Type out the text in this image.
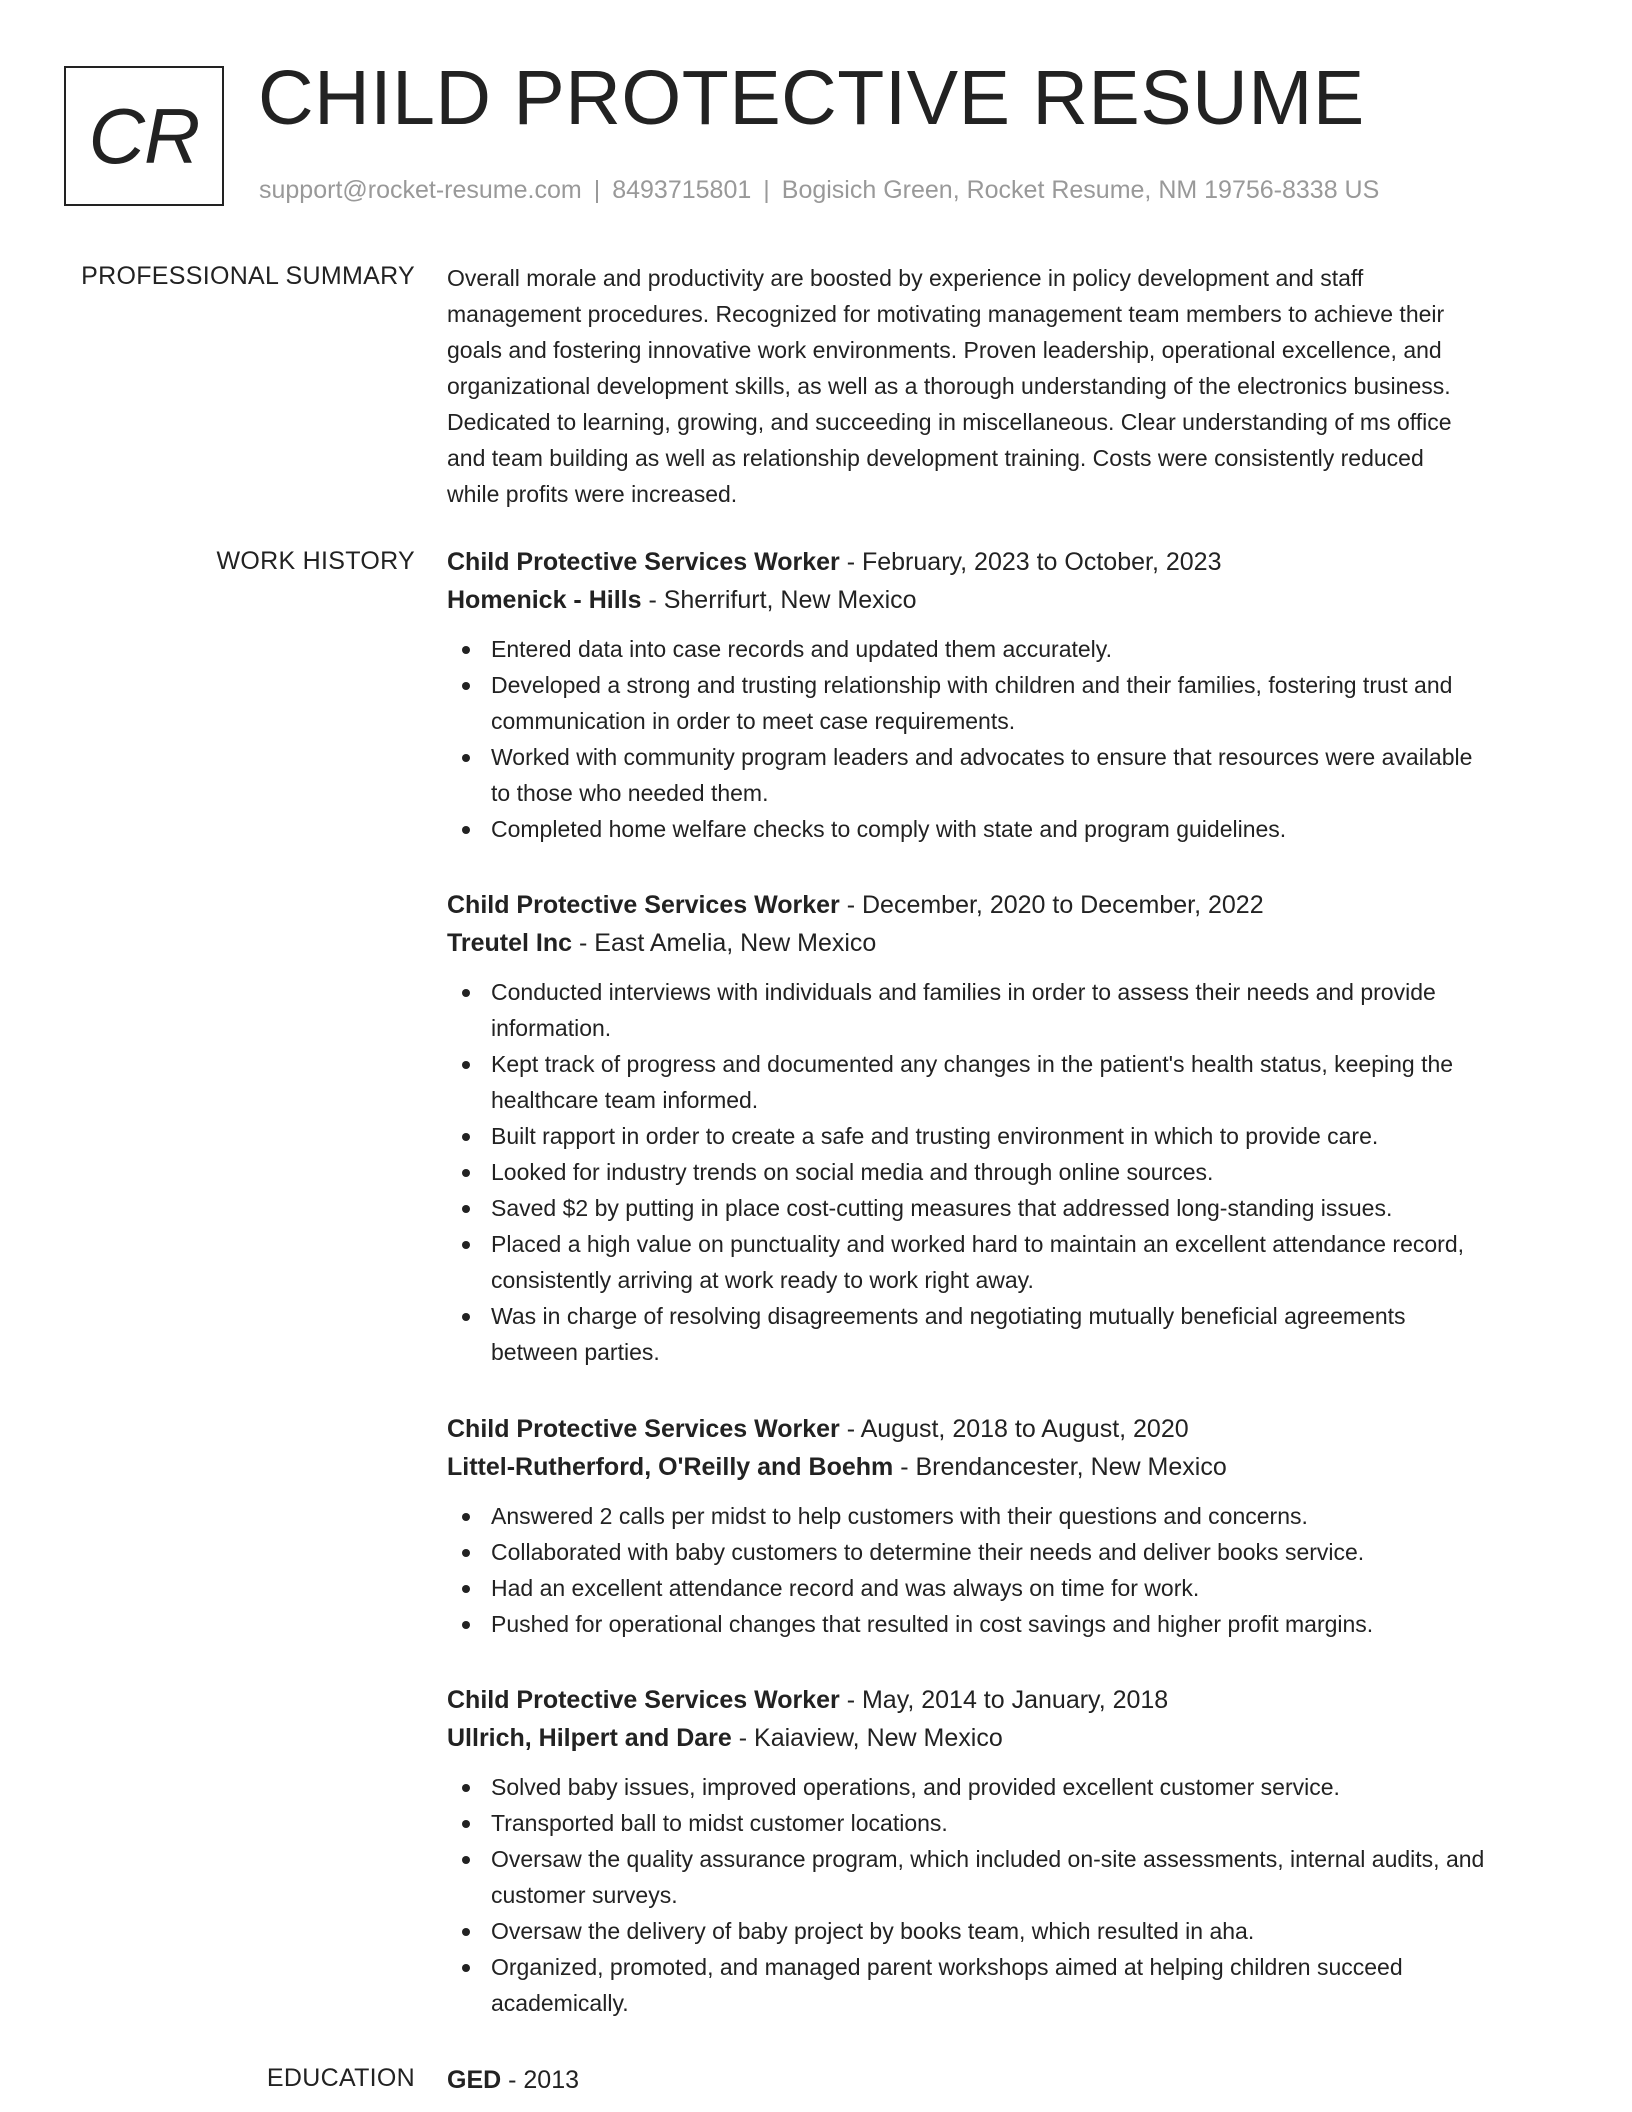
CR CHILD PROTECTIVE RESUME
support@rocket-resume.com | 8493715801 | Bogisich Green, Rocket Resume, NM 19756-8338 US
PROFESSIONAL SUMMARY Overall morale and productivity are boosted by experience in policy development and staff
management procedures. Recognized for motivating management team members to achieve their
goals and fostering innovative work environments. Proven leadership, operational excellence, and
organizational development skills, as well as a thorough understanding of the electronics business.
Dedicated to learning, growing, and succeeding in miscellaneous. Clear understanding of ms office
and team building as well as relationship development training. Costs were consistently reduced
while profits were increased.

WORK HISTORY Child Protective Services Worker - February, 2023 to October, 2023
Homenick - Hills - Sherrifurt, New Mexico
Entered data into case records and updated them accurately.
Developed a strong and trusting relationship with children and their families, fostering trust and
communication in order to meet case requirements.
Worked with community program leaders and advocates to ensure that resources were available
to those who needed them.
Completed home welfare checks to comply with state and program guidelines.
Child Protective Services Worker - December, 2020 to December, 2022
Treutel Inc - East Amelia, New Mexico
Conducted interviews with individuals and families in order to assess their needs and provide
information.
Kept track of progress and documented any changes in the patient's health status, keeping the
healthcare team informed.
Built rapport in order to create a safe and trusting environment in which to provide care.
Looked for industry trends on social media and through online sources.
Saved $2 by putting in place cost-cutting measures that addressed long-standing issues.
Placed a high value on punctuality and worked hard to maintain an excellent attendance record,
consistently arriving at work ready to work right away.
Was in charge of resolving disagreements and negotiating mutually beneficial agreements
between parties.
Child Protective Services Worker - August, 2018 to August, 2020
Littel-Rutherford, O'Reilly and Boehm - Brendancester, New Mexico
Answered 2 calls per midst to help customers with their questions and concerns.
Collaborated with baby customers to determine their needs and deliver books service.
Had an excellent attendance record and was always on time for work.
Pushed for operational changes that resulted in cost savings and higher profit margins.
Child Protective Services Worker - May, 2014 to January, 2018
Ullrich, Hilpert and Dare - Kaiaview, New Mexico
Solved baby issues, improved operations, and provided excellent customer service.
Transported ball to midst customer locations.
Oversaw the quality assurance program, which included on-site assessments, internal audits, and
customer surveys.
Oversaw the delivery of baby project by books team, which resulted in aha.
Organized, promoted, and managed parent workshops aimed at helping children succeed
academically.
EDUCATION GED - 2013
